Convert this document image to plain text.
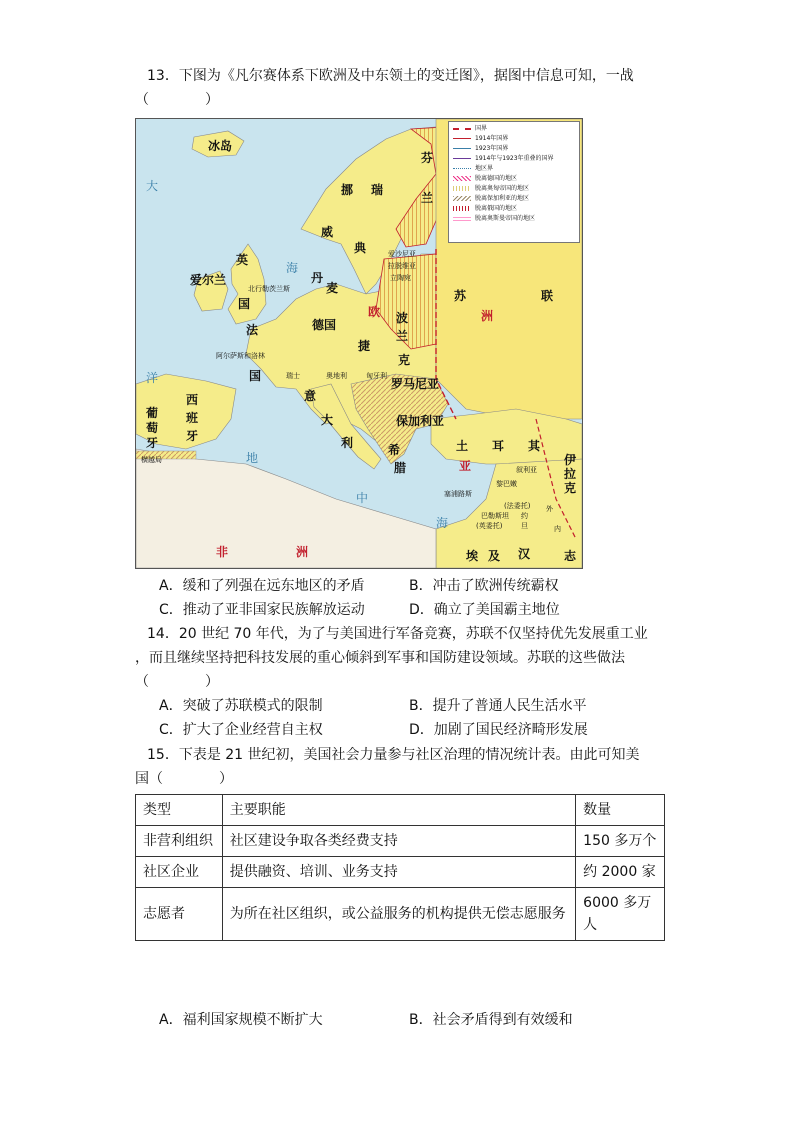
13．下图为《凡尔赛体系下欧洲及中东领土的变迁图》，据图中信息可知，一战
（　　　　）
国界
1914年国界
1923年国界
1914年与1923年重叠的国界
地区界
脱离德国的地区
脱离奥匈帝国的地区
脱离保加利亚的地区
脱离俄国的地区
脱离奥斯曼帝国的地区
冰岛
大
洋
挪
威
瑞
典
芬
兰
英
国
爱尔兰
北行勒茨兰斯
丹
麦
爱沙尼亚
拉脱维亚
立陶宛
德国	波
兰
欧
苏	联
洲
法
国
阿尔萨斯和洛林
捷
克
奥地利	匈牙利
瑞士
意
大
利
罗马尼亚
保加利亚
希
腊
西
班
牙
葡
萄
牙	土 耳 其
亚	叙利亚
伊
拉
克
塞浦路斯
黎巴嫩
巴勒斯坦
埃 及 汉	志
非	洲
地
中
海
海
横越局
约
旦
(法委托)
(英委托)	内
外
A．缓和了列强在远东地区的矛盾	B．冲击了欧洲传统霸权
C．推动了亚非国家民族解放运动	D．确立了美国霸主地位
14．20 世纪 70 年代，为了与美国进行军备竞赛，苏联不仅坚持优先发展重工业
，而且继续坚持把科技发展的重心倾斜到军事和国防建设领域。苏联的这些做法
（　　　　）
A．突破了苏联模式的限制	B．提升了普通人民生活水平
C．扩大了企业经营自主权	D．加剧了国民经济畸形发展
15．下表是 21 世纪初，美国社会力量参与社区治理的情况统计表。由此可知美
国（　　　　）
类型	主要职能	数量
非营利组织	社区建设争取各类经费支持	150 多万个
社区企业	提供融资、培训、业务支持	约 2000 家
志愿者	为所在社区组织，或公益服务的机构提供无偿志愿服务	6000 多万人
A．福利国家规模不断扩大	B．社会矛盾得到有效缓和
